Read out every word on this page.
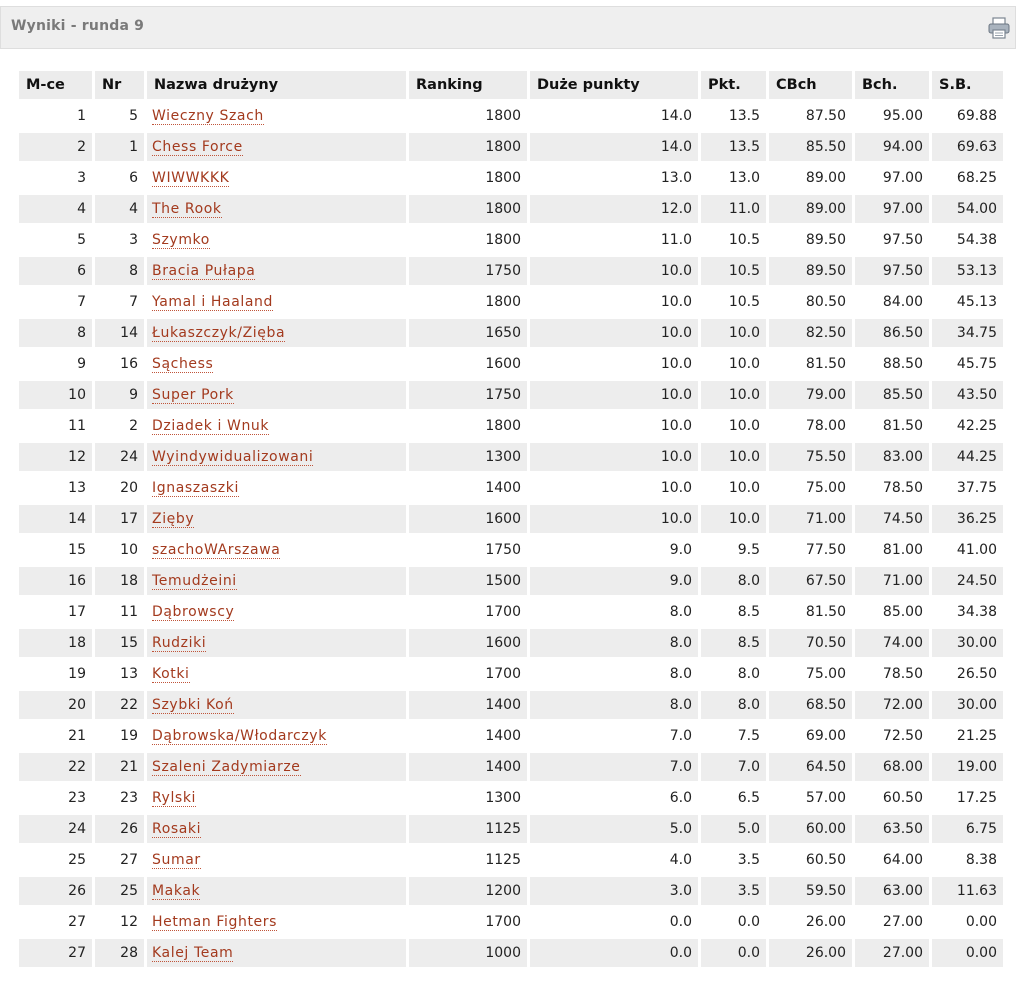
Wyniki - runda 9
M-ce	Nr	Nazwa drużyny	Ranking	Duże punkty	Pkt.	CBch	Bch.	S.B.
1	5	Wieczny Szach	1800	14.0	13.5	87.50	95.00	69.88
2	1	Chess Force	1800	14.0	13.5	85.50	94.00	69.63
3	6	WIWWKKK	1800	13.0	13.0	89.00	97.00	68.25
4	4	The Rook	1800	12.0	11.0	89.00	97.00	54.00
5	3	Szymko	1800	11.0	10.5	89.50	97.50	54.38
6	8	Bracia Pułapa	1750	10.0	10.5	89.50	97.50	53.13
7	7	Yamal i Haaland	1800	10.0	10.5	80.50	84.00	45.13
8	14	Łukaszczyk/Zięba	1650	10.0	10.0	82.50	86.50	34.75
9	16	Sąchess	1600	10.0	10.0	81.50	88.50	45.75
10	9	Super Pork	1750	10.0	10.0	79.00	85.50	43.50
11	2	Dziadek i Wnuk	1800	10.0	10.0	78.00	81.50	42.25
12	24	Wyindywidualizowani	1300	10.0	10.0	75.50	83.00	44.25
13	20	Ignaszaszki	1400	10.0	10.0	75.00	78.50	37.75
14	17	Zięby	1600	10.0	10.0	71.00	74.50	36.25
15	10	szachoWArszawa	1750	9.0	9.5	77.50	81.00	41.00
16	18	Temudżeini	1500	9.0	8.0	67.50	71.00	24.50
17	11	Dąbrowscy	1700	8.0	8.5	81.50	85.00	34.38
18	15	Rudziki	1600	8.0	8.5	70.50	74.00	30.00
19	13	Kotki	1700	8.0	8.0	75.00	78.50	26.50
20	22	Szybki Koń	1400	8.0	8.0	68.50	72.00	30.00
21	19	Dąbrowska/Włodarczyk	1400	7.0	7.5	69.00	72.50	21.25
22	21	Szaleni Zadymiarze	1400	7.0	7.0	64.50	68.00	19.00
23	23	Rylski	1300	6.0	6.5	57.00	60.50	17.25
24	26	Rosaki	1125	5.0	5.0	60.00	63.50	6.75
25	27	Sumar	1125	4.0	3.5	60.50	64.00	8.38
26	25	Makak	1200	3.0	3.5	59.50	63.00	11.63
27	12	Hetman Fighters	1700	0.0	0.0	26.00	27.00	0.00
27	28	Kalej Team	1000	0.0	0.0	26.00	27.00	0.00
